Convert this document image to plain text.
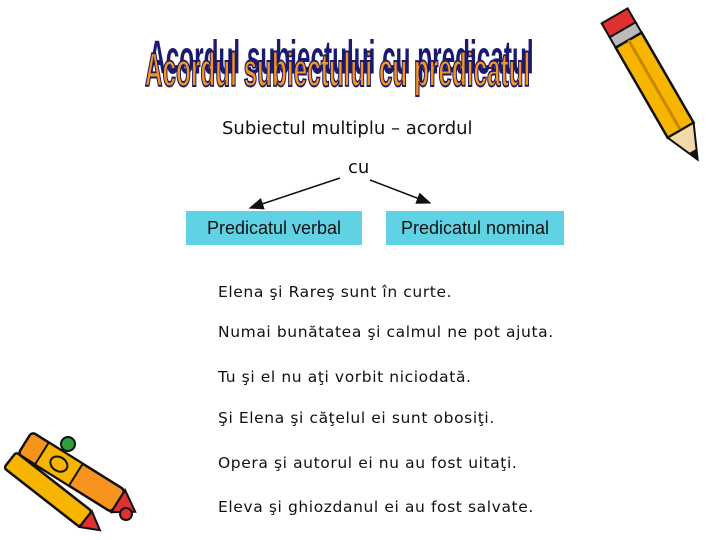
Acordul subiectului cu predicatul
Acordul subiectului cu predicatul
Subiectul multiplu – acordul
cu
Predicatul verbal	Predicatul nominal
Elena şi Rareş sunt în curte.
Numai bunătatea şi calmul ne pot ajuta.
Tu şi el nu aţi vorbit niciodată.
Şi Elena şi căţelul ei sunt obosiţi.
Opera şi autorul ei nu au fost uitaţi.
Eleva şi ghiozdanul ei au fost salvate.
